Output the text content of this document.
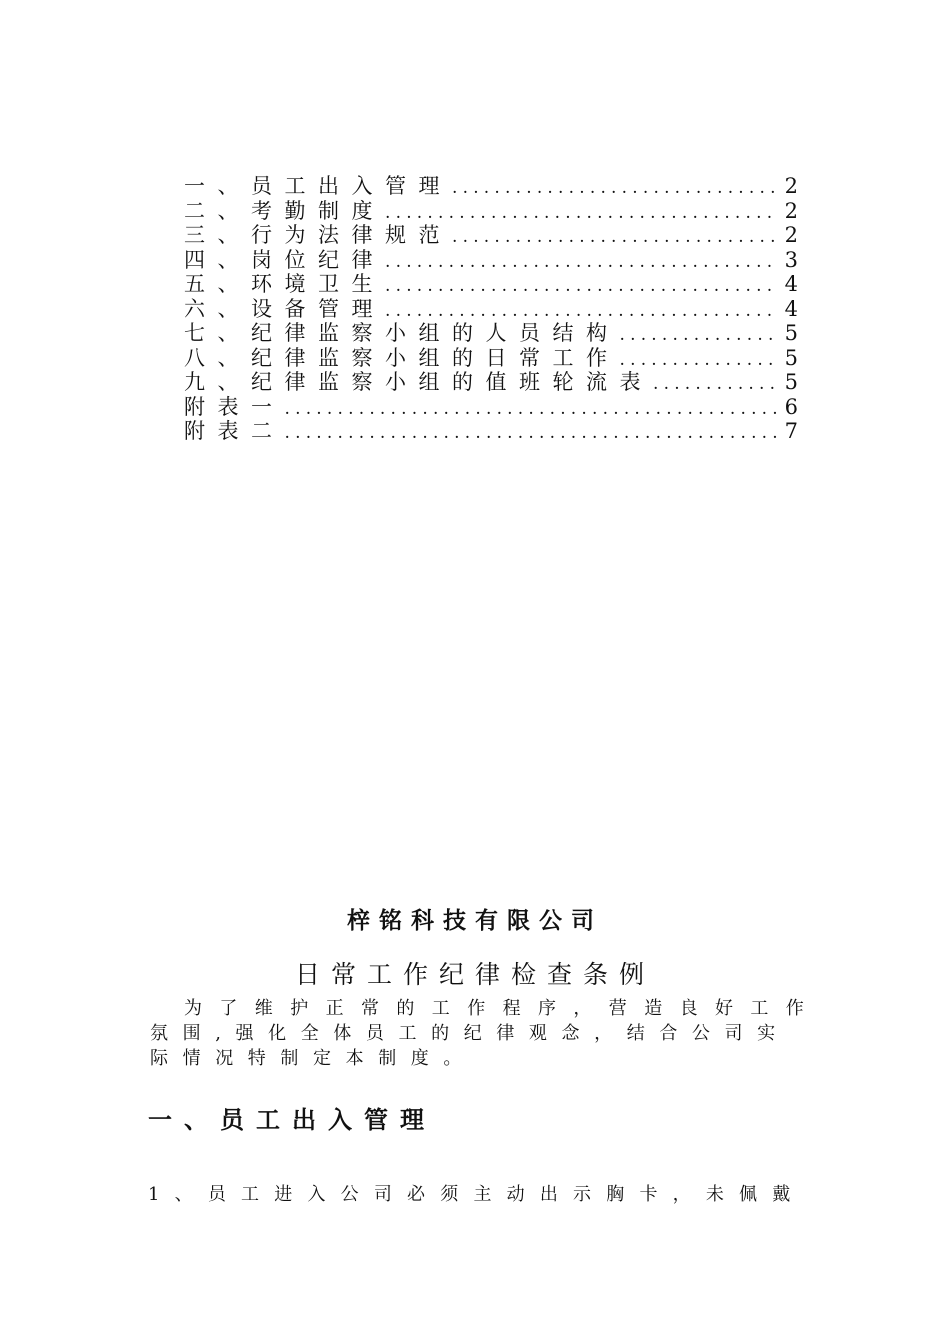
一、员工出入管理 .....	2
二、考勤制度 .....	2
三、行为法律规范 .....	2
四、岗位纪律 .....	3
五、环境卫生 .....	4
六、设备管理 .....	4
七、纪律监察小组的人员结构 .....	5
八、纪律监察小组的日常工作 .....	5
九、纪律监察小组的值班轮流表 .....	5
附表一 .....	6
附表二 .....	7
梓铭科技有限公司
日常工作纪律检查条例
为了维护正常的工作程序，营造良好工作
氛围,强化全体员工的纪律观念，结合公司实
际情况特制定本制度。
一、员工出入管理
1、员工进入公司必须主动出示胸卡，未佩戴
